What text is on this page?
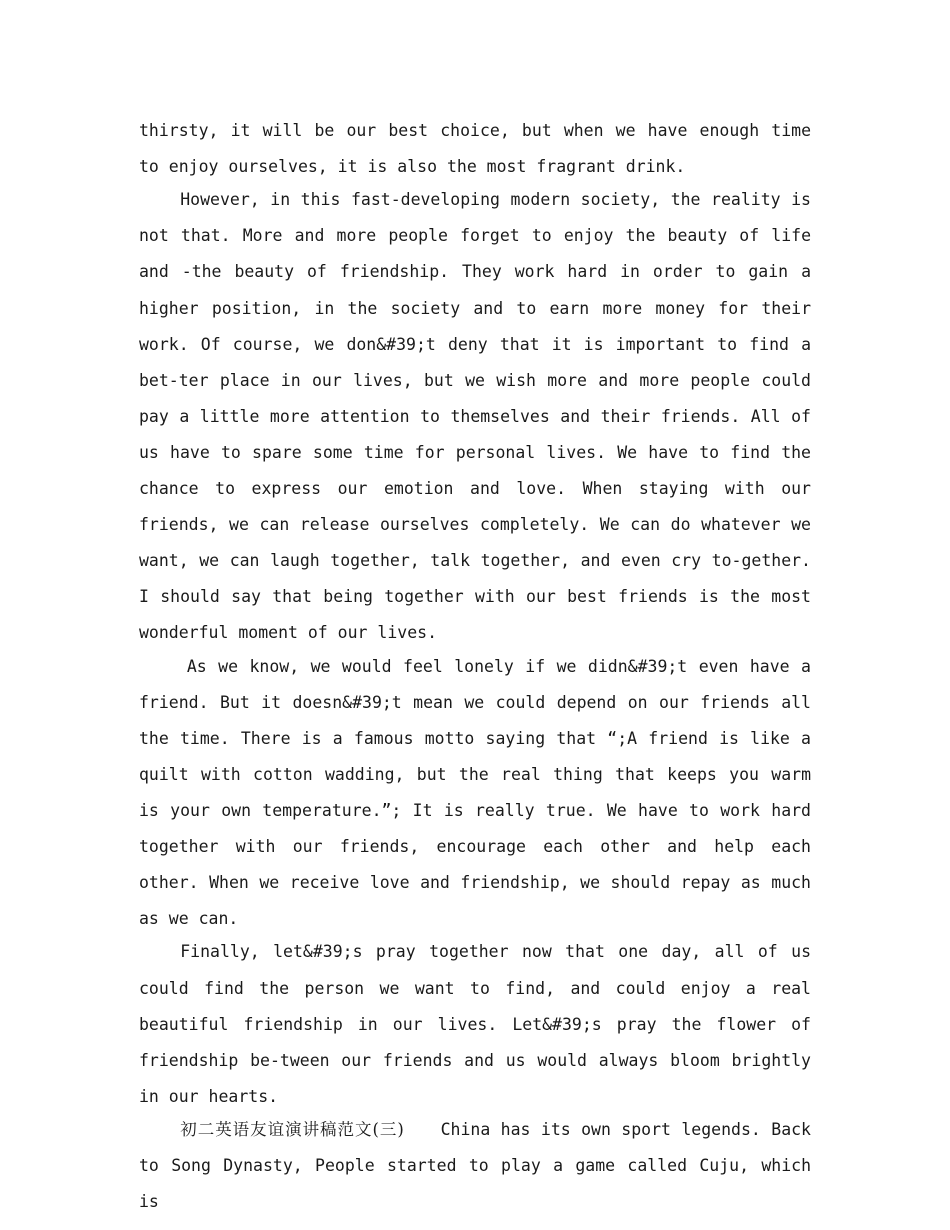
thirsty, it will be our best choice, but when we have enough time to enjoy ourselves, it is also the most fragrant drink.

However, in this fast-developing modern society, the reality is not that. More and more people forget to enjoy the beauty of life and -the beauty of friendship. They work hard in order to gain a higher position, in the society and to earn more money for their work. Of course, we don&#39;t deny that it is important to find a bet-ter place in our lives, but we wish more and more people could pay a little more attention to themselves and their friends. All of us have to spare some time for personal lives. We have to find the chance to express our emotion and love. When staying with our friends, we can release ourselves completely. We can do whatever we want, we can laugh together, talk together, and even cry to-gether. I should say that being together with our best friends is the most wonderful moment of our lives.

As we know, we would feel lonely if we didn&#39;t even have a friend. But it doesn&#39;t mean we could depend on our friends all the time. There is a famous motto saying that “;A friend is like a quilt with cotton wadding, but the real thing that keeps you warm is your own temperature.”; It is really true. We have to work hard together with our friends, encourage each other and help each other. When we receive love and friendship, we should repay as much as we can.

Finally, let&#39;s pray together now that one day, all of us could find the person we want to find, and could enjoy a real beautiful friendship in our lives. Let&#39;s pray the flower of friendship be-tween our friends and us would always bloom brightly in our hearts.

初二英语友谊演讲稿范文(三) China has its own sport legends. Back to Song Dynasty, People started to play a game called Cuju, which is
